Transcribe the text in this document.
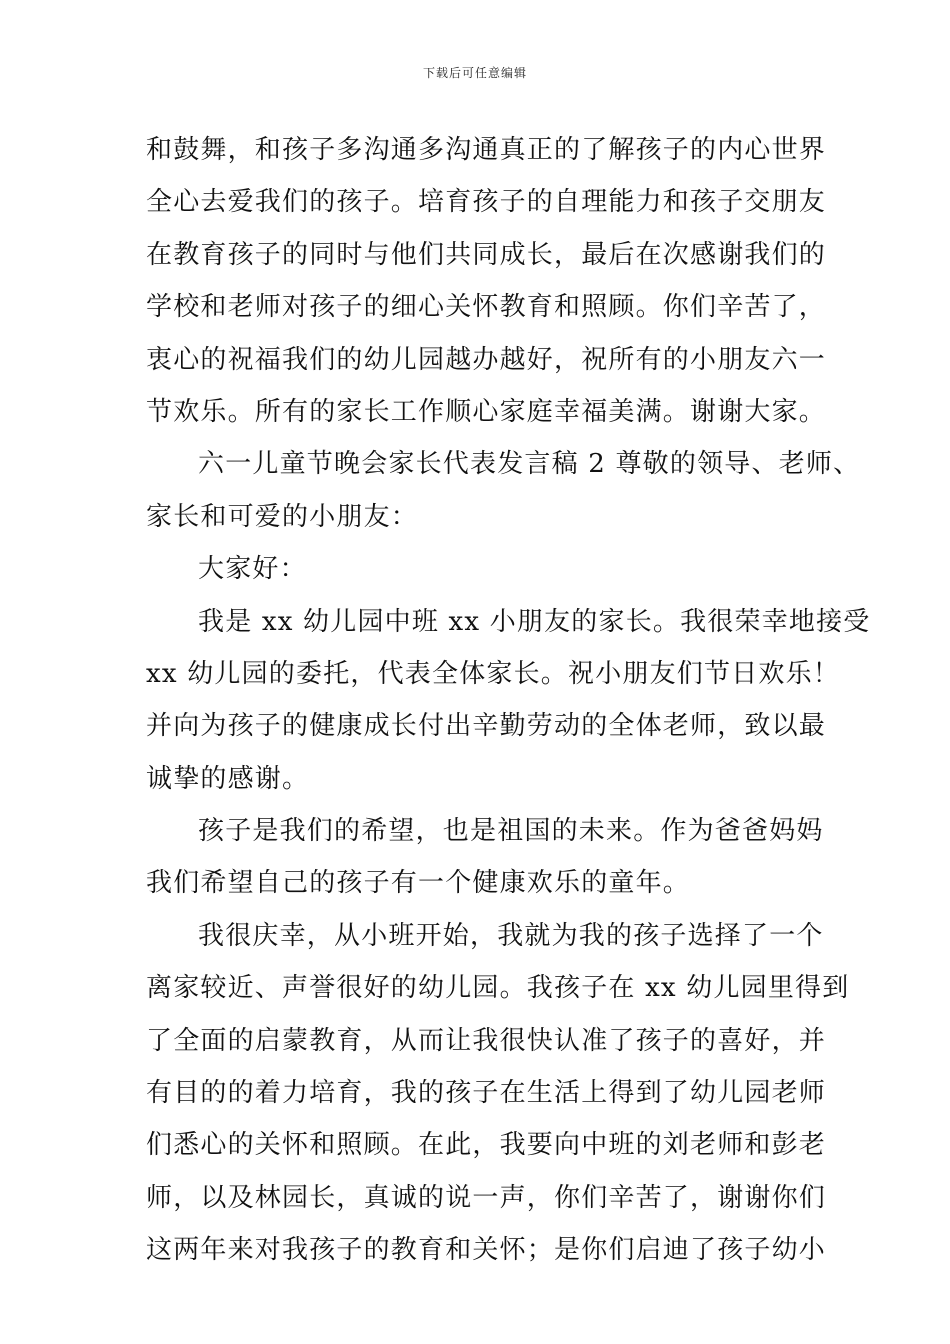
下载后可任意编辑
和鼓舞，和孩子多沟通多沟通真正的了解孩子的内心世界
全心去爱我们的孩子。培育孩子的自理能力和孩子交朋友
在教育孩子的同时与他们共同成长，最后在次感谢我们的
学校和老师对孩子的细心关怀教育和照顾。你们辛苦了，
衷心的祝福我们的幼儿园越办越好，祝所有的小朋友六一
节欢乐。所有的家长工作顺心家庭幸福美满。谢谢大家。
六一儿童节晚会家长代表发言稿 2 尊敬的领导、老师、
家长和可爱的小朋友：
大家好：
我是 xx 幼儿园中班 xx 小朋友的家长。我很荣幸地接受
xx 幼儿园的委托，代表全体家长。祝小朋友们节日欢乐！
并向为孩子的健康成长付出辛勤劳动的全体老师，致以最
诚挚的感谢。
孩子是我们的希望，也是祖国的未来。作为爸爸妈妈
我们希望自己的孩子有一个健康欢乐的童年。
我很庆幸，从小班开始，我就为我的孩子选择了一个
离家较近、声誉很好的幼儿园。我孩子在 xx 幼儿园里得到
了全面的启蒙教育，从而让我很快认准了孩子的喜好，并
有目的的着力培育，我的孩子在生活上得到了幼儿园老师
们悉心的关怀和照顾。在此，我要向中班的刘老师和彭老
师，以及林园长，真诚的说一声，你们辛苦了，谢谢你们
这两年来对我孩子的教育和关怀；是你们启迪了孩子幼小
